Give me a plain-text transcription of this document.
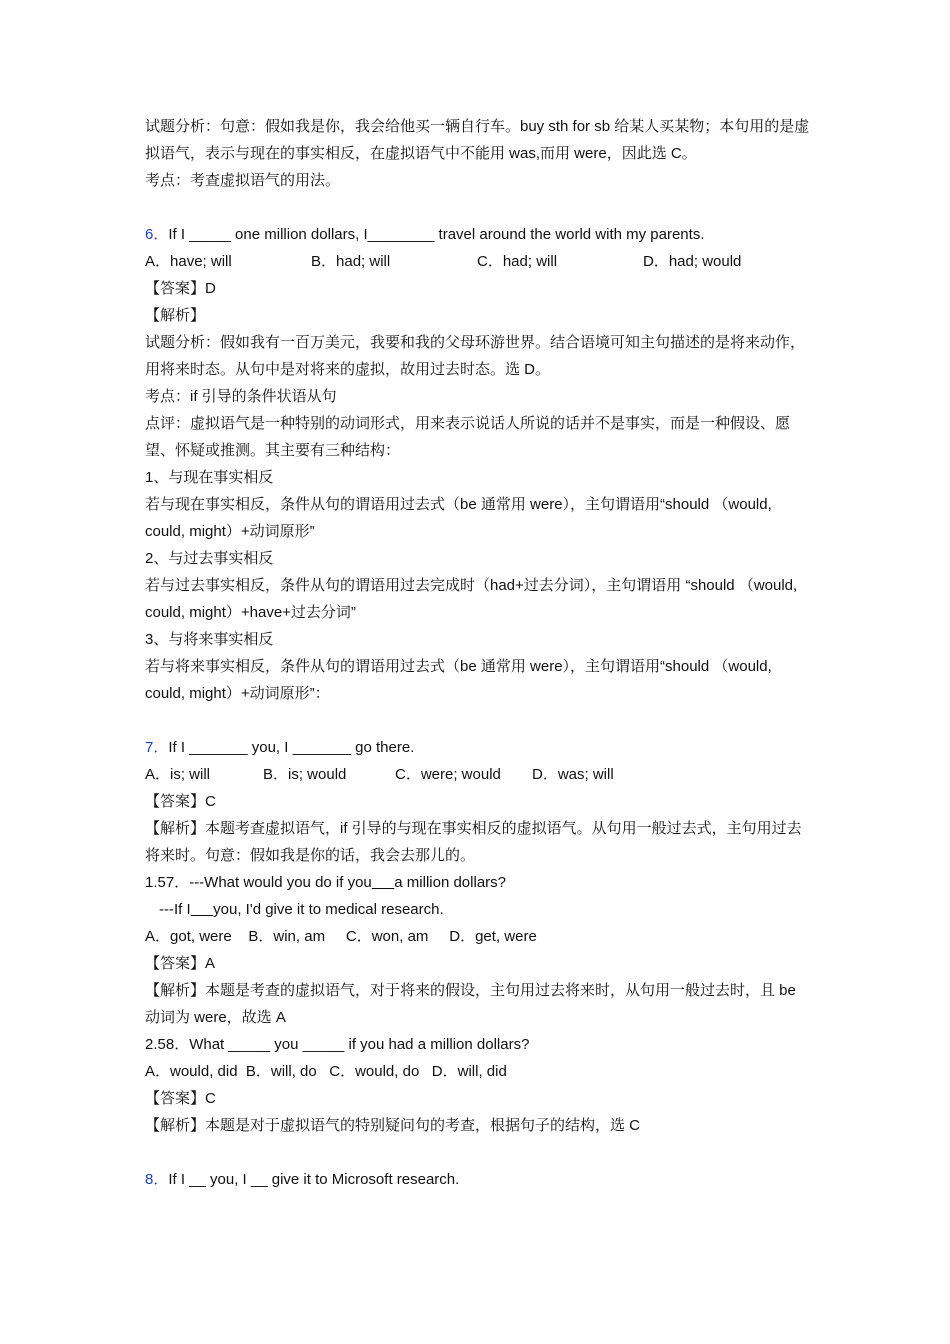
试题分析：句意：假如我是你，我会给他买一辆自行车。buy sth for sb 给某人买某物；本句用的是虚拟语气，表示与现在的事实相反，在虚拟语气中不能用 was,而用 were，因此选 C。
考点：考查虚拟语气的用法。
6．If I _____ one million dollars, I________ travel around the world with my parents.
A．have; will	B．had; will	C．had; will	D．had; would
【答案】D
【解析】
试题分析：假如我有一百万美元，我要和我的父母环游世界。结合语境可知主句描述的是将来动作，用将来时态。从句中是对将来的虚拟，故用过去时态。选 D。
考点：if 引导的条件状语从句
点评：虚拟语气是一种特别的动词形式，用来表示说话人所说的话并不是事实，而是一种假设、愿望、怀疑或推测。其主要有三种结构：
1、与现在事实相反
若与现在事实相反，条件从句的谓语用过去式（be 通常用 were），主句谓语用“should （would, could, might）+动词原形”
2、与过去事实相反
若与过去事实相反，条件从句的谓语用过去完成时（had+过去分词），主句谓语用 “should （would, could, might）+have+过去分词”
3、与将来事实相反
若与将来事实相反，条件从句的谓语用过去式（be 通常用 were），主句谓语用“should （would, could, might）+动词原形”：
7．If I _______ you, I _______ go there.
A．is; will	B．is; would	C．were; would D．was; will
【答案】C
【解析】本题考查虚拟语气，if 引导的与现在事实相反的虚拟语气。从句用一般过去式，主句用过去将来时。句意：假如我是你的话，我会去那儿的。
1.57．---What would you do if you   a million dollars?
---If I   you, I'd give it to medical research.
A．got, were    B．win, am     C．won, am     D．get, were
【答案】A
【解析】本题是考查的虚拟语气，对于将来的假设，主句用过去将来时，从句用一般过去时，且 be 动词为 were，故选 A
2.58．What _____ you _____ if you had a million dollars?
A．would, did  B．will, do   C．would, do   D．will, did
【答案】C
【解析】本题是对于虚拟语气的特别疑问句的考查，根据句子的结构，选 C
8．If I __ you, I __ give it to Microsoft research.
